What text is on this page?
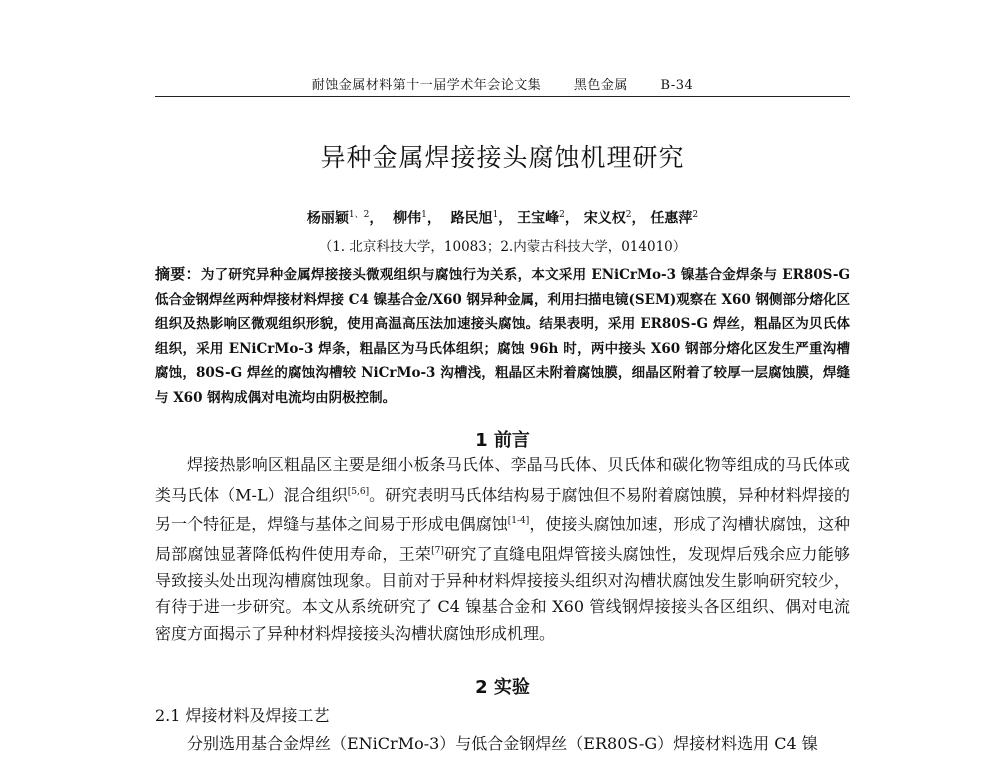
耐蚀金属材料第十一届学术年会论文集	黑色金属	B-34
异种金属焊接接头腐蚀机理研究
杨丽颖$^{1、2}$，  柳伟$^1$，  路民旭$^1$， 王宝峰$^2$， 宋义权$^2$， 任惠萍$^2$
（1. 北京科技大学，10083；2.内蒙古科技大学，014010）
摘要：为了研究异种金属焊接接头微观组织与腐蚀行为关系，本文采用 ENiCrMo-3 镍基合金焊条与 ER80S-G 低合金钢焊丝两种焊接材料焊接 C4 镍基合金/X60 钢异种金属，利用扫描电镜(SEM)观察在 X60 钢侧部分熔化区组织及热影响区微观组织形貌，使用高温高压法加速接头腐蚀。结果表明，采用 ER80S-G 焊丝，粗晶区为贝氏体组织，采用 ENiCrMo-3 焊条，粗晶区为马氏体组织；腐蚀 96h 时，两中接头 X60 钢部分熔化区发生严重沟槽腐蚀，80S-G 焊丝的腐蚀沟槽较 NiCrMo-3 沟槽浅，粗晶区未附着腐蚀膜，细晶区附着了较厚一层腐蚀膜，焊缝与 X60 钢构成偶对电流均由阴极控制。
1 前言
焊接热影响区粗晶区主要是细小板条马氏体、孪晶马氏体、贝氏体和碳化物等组成的马氏体或类马氏体（M-L）混合组织[5,6]。研究表明马氏体结构易于腐蚀但不易附着腐蚀膜，异种材料焊接的另一个特征是，焊缝与基体之间易于形成电偶腐蚀[1-4]，使接头腐蚀加速，形成了沟槽状腐蚀，这种局部腐蚀显著降低构件使用寿命，王荣[7]研究了直缝电阻焊管接头腐蚀性，发现焊后残余应力能够导致接头处出现沟槽腐蚀现象。目前对于异种材料焊接接头组织对沟槽状腐蚀发生影响研究较少，有待于进一步研究。本文从系统研究了 C4 镍基合金和 X60 管线钢焊接接头各区组织、偶对电流密度方面揭示了异种材料焊接接头沟槽状腐蚀形成机理。
2 实验
2.1 焊接材料及焊接工艺
分别选用基合金焊丝（ENiCrMo-3）与低合金钢焊丝（ER80S-G）焊接材料选用 C4 镍
